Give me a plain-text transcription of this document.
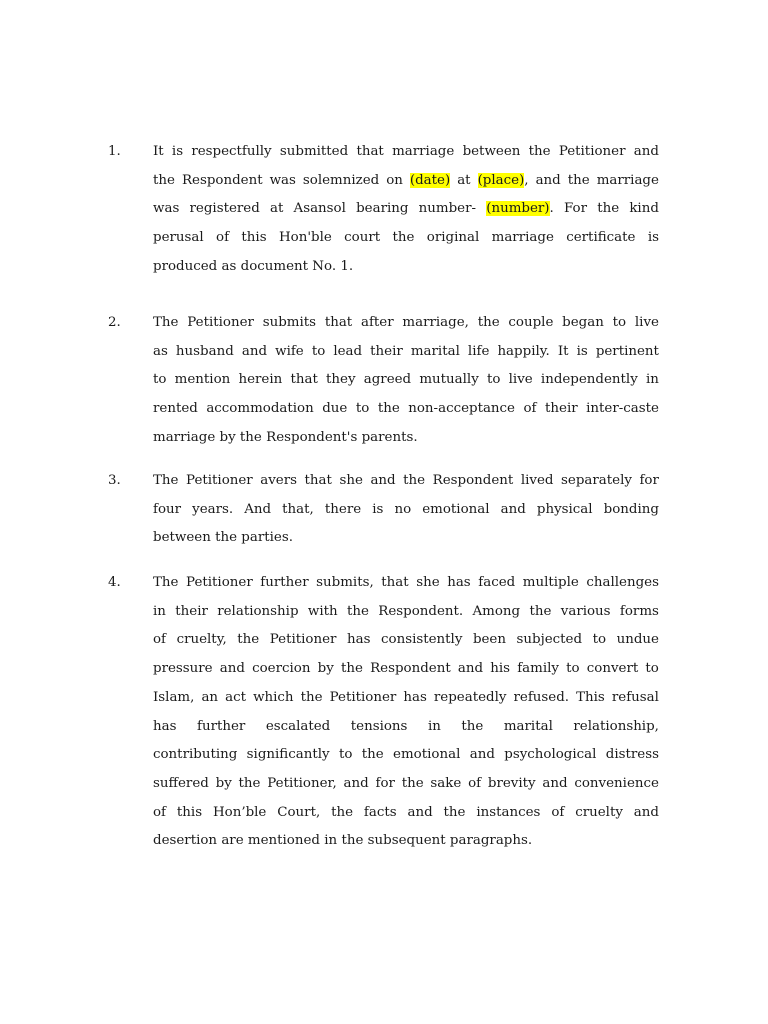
1.	It is respectfully submitted that marriage between the Petitioner and
the Respondent was solemnized on (date) at (place), and the marriage
was registered at Asansol bearing number- (number). For the kind
perusal of this Hon'ble court the original marriage certificate is
produced as document No. 1.
2.	The Petitioner submits that after marriage, the couple began to live
as husband and wife to lead their marital life happily. It is pertinent
to mention herein that they agreed mutually to live independently in
rented accommodation due to the non-acceptance of their inter-caste
marriage by the Respondent's parents.
3.	The Petitioner avers that she and the Respondent lived separately for
four years. And that, there is no emotional and physical bonding
between the parties.
4.	The Petitioner further submits, that she has faced multiple challenges
in their relationship with the Respondent. Among the various forms
of cruelty, the Petitioner has consistently been subjected to undue
pressure and coercion by the Respondent and his family to convert to
Islam, an act which the Petitioner has repeatedly refused. This refusal
has further escalated tensions in the marital relationship,
contributing significantly to the emotional and psychological distress
suffered by the Petitioner, and for the sake of brevity and convenience
of this Hon’ble Court, the facts and the instances of cruelty and
desertion are mentioned in the subsequent paragraphs.
